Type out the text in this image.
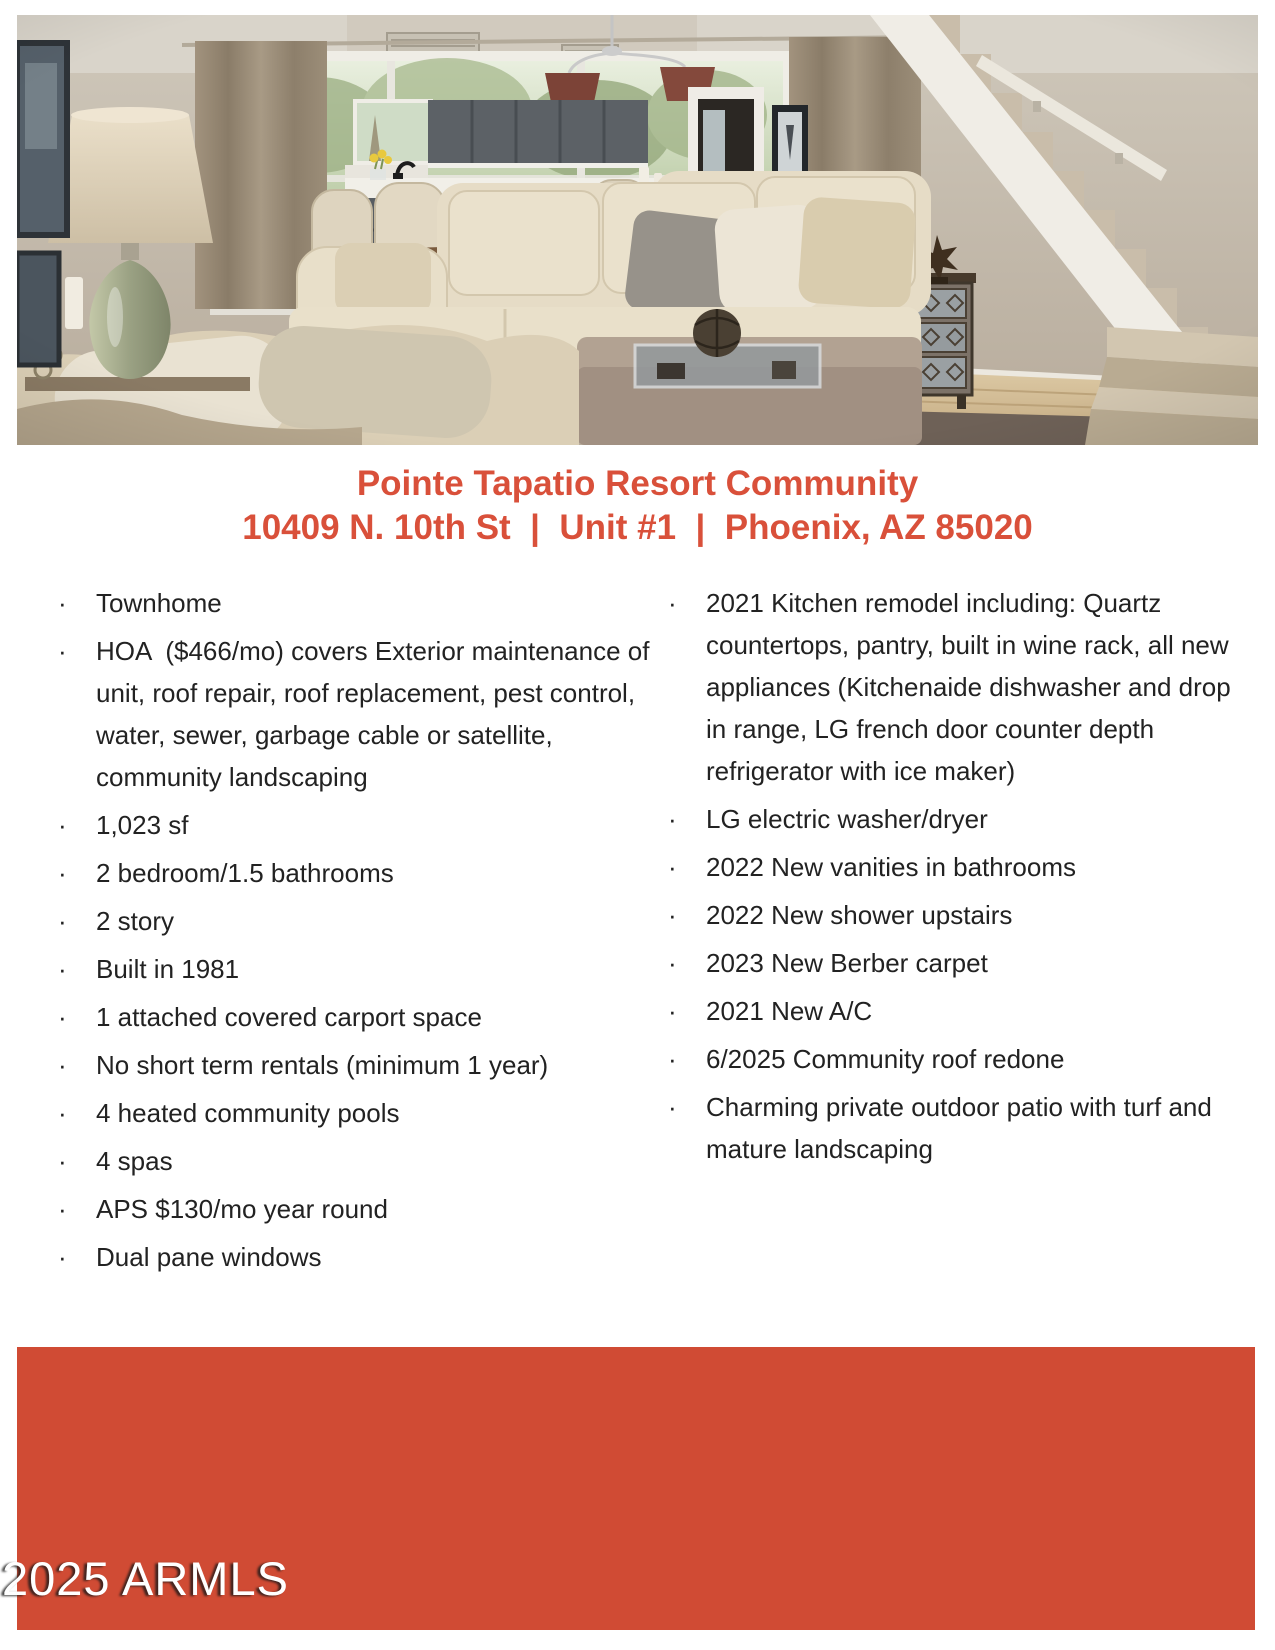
Pointe Tapatio Resort Community
10409 N. 10th St  |  Unit #1  |  Phoenix, AZ 85020
·	Townhome
·	HOA  ($466/mo) covers Exterior maintenance of unit, roof repair, roof replacement, pest control, water, sewer, garbage cable or satellite, community landscaping
·	1,023 sf
·	2 bedroom/1.5 bathrooms
·	2 story
·	Built in 1981
·	1 attached covered carport space
·	No short term rentals (minimum 1 year)
·	4 heated community pools
·	4 spas
·	APS $130/mo year round
·	Dual pane windows
·	2021 Kitchen remodel including: Quartz countertops, pantry, built in wine rack, all new appliances (Kitchenaide dishwasher and drop in range, LG french door counter depth refrigerator with ice maker)
·	LG electric washer/dryer
·	2022 New vanities in bathrooms
·	2022 New shower upstairs
·	2023 New Berber carpet
·	2021 New A/C
·	6/2025 Community roof redone
·	Charming private outdoor patio with turf and mature landscaping
2025 ARMLS
